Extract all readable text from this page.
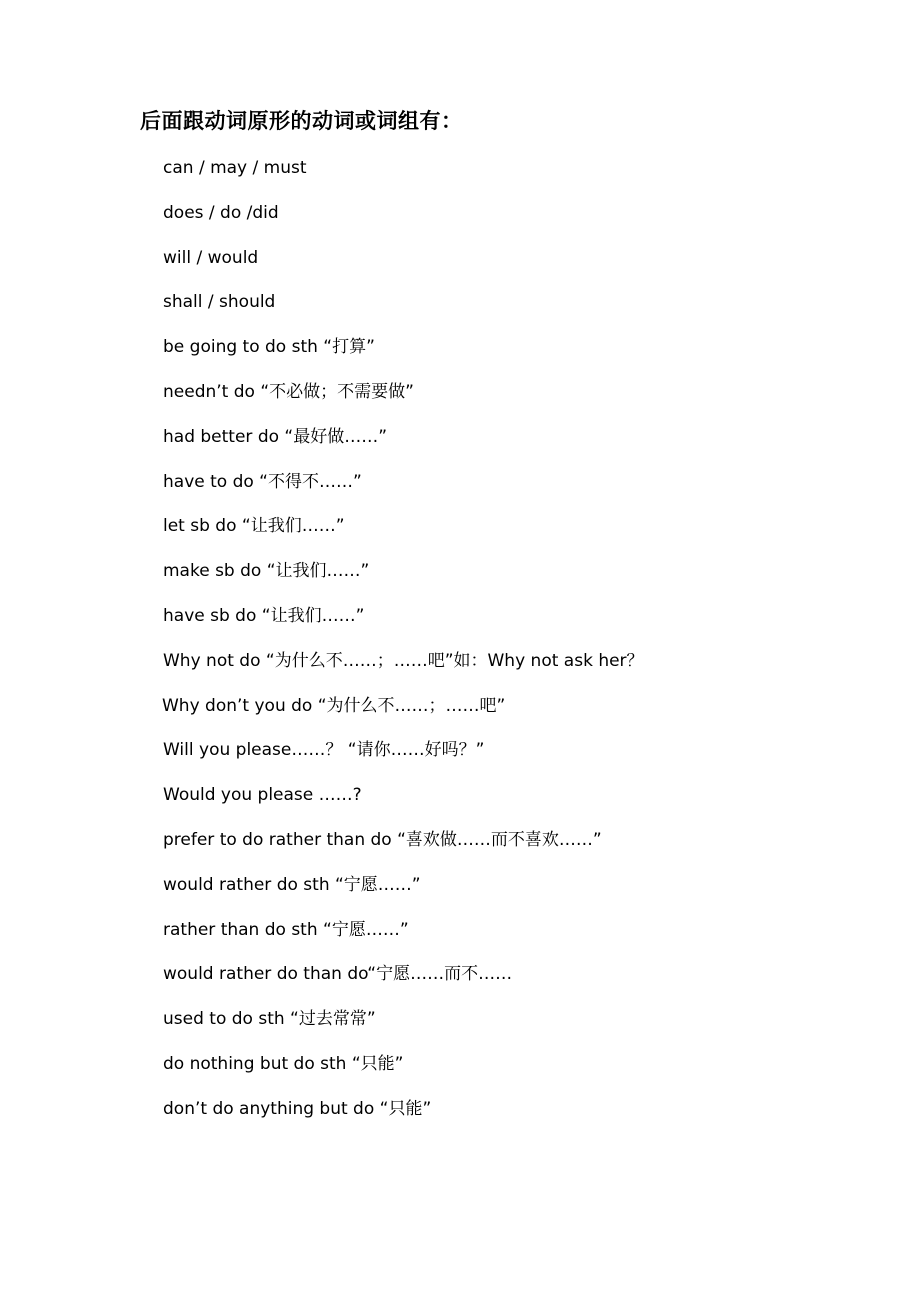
后面跟动词原形的动词或词组有：
can / may / must
does / do /did
will / would
shall / should
be going to do sth “打算”
needn’t do “不必做；不需要做”
had better do “最好做……”
have to do “不得不……”
let sb do “让我们……”
make sb do “让我们……”
have sb do “让我们……”
Why not do “为什么不……；……吧”如：Why not ask her？
Why don’t you do “为什么不……；……吧”
Will you please……？ “请你……好吗？”
Would you please ……?
prefer to do rather than do “喜欢做……而不喜欢……”
would rather do sth “宁愿……”
rather than do sth “宁愿……”
would rather do than do“宁愿……而不……
used to do sth “过去常常”
do nothing but do sth “只能”
don’t do anything but do “只能”
